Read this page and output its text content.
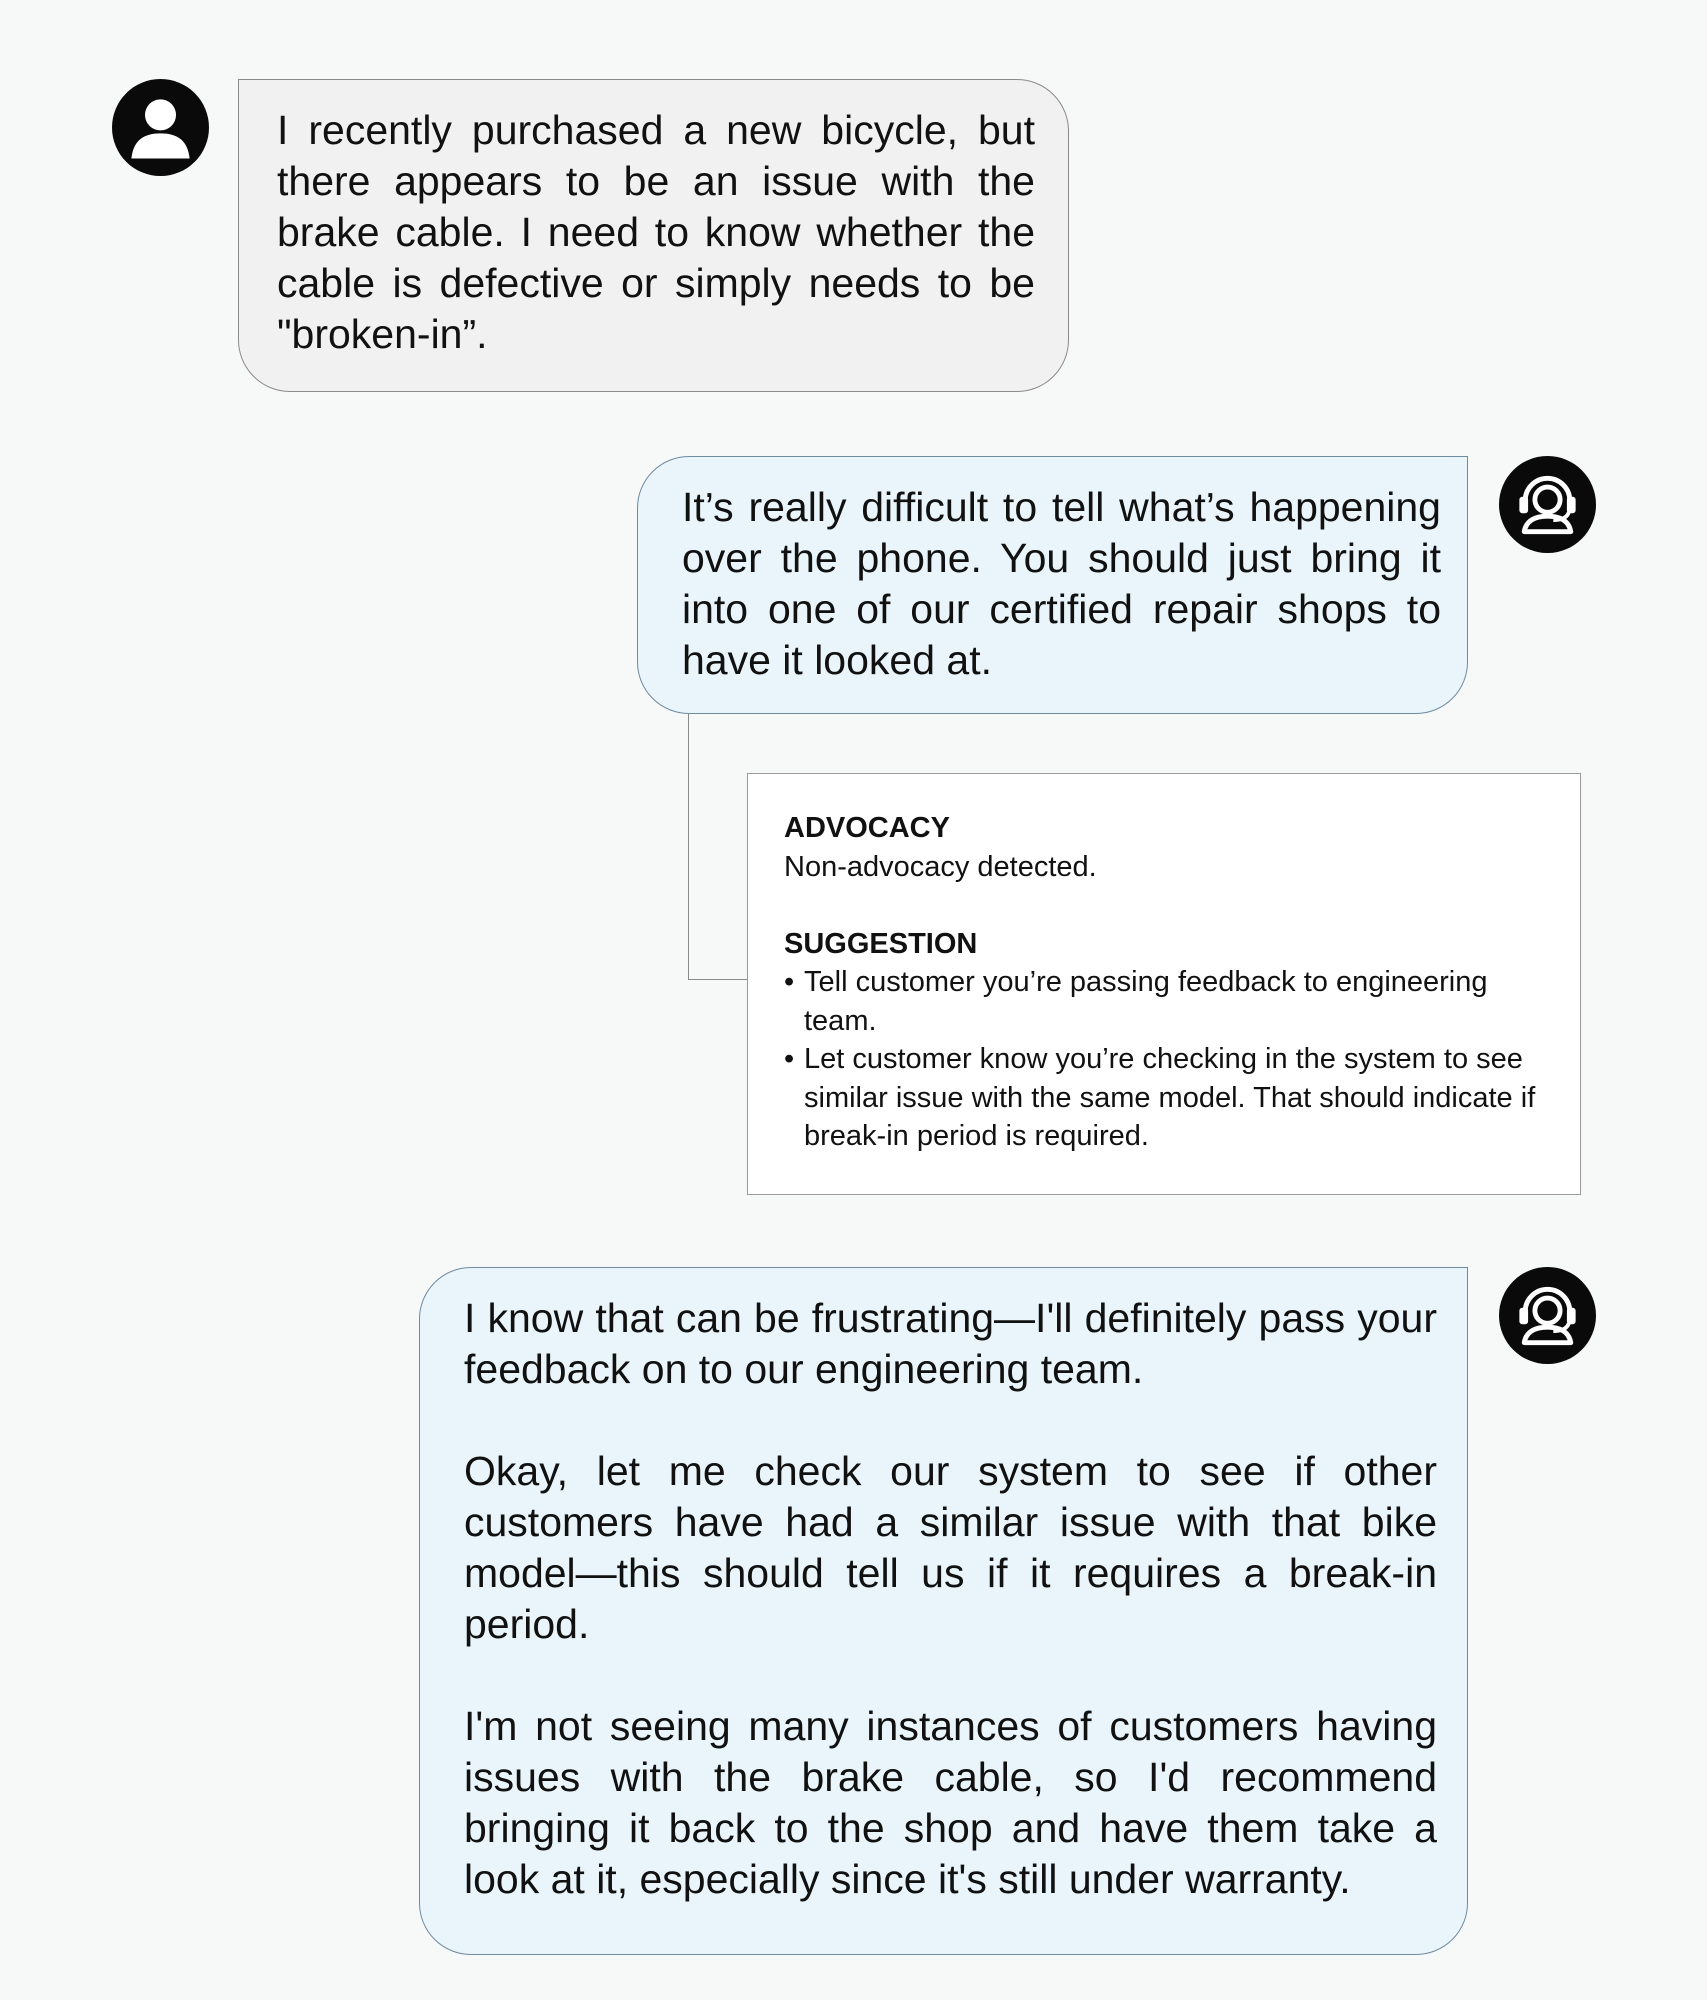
I recently purchased a new bicycle, but there appears to be an issue with the brake cable. I need to know whether the cable is defective or simply needs to be "broken-in”.

It’s really difficult to tell what’s happening over the phone. You should just bring it into one of our certified repair shops to have it looked at.

ADVOCACY

Non-advocacy detected.

SUGGESTION

• Tell customer you’re passing feedback to engineering team.
• Let customer know you’re checking in the system to see similar issue with the same model. That should indicate if break-in period is required.

I know that can be frustrating—I'll definitely pass your feedback on to our engineering team.

Okay, let me check our system to see if other customers have had a similar issue with that bike model—this should tell us if it requires a break-in period.

I'm not seeing many instances of customers having issues with the brake cable, so I'd recommend bringing it back to the shop and have them take a look at it, especially since it's still under warranty.
